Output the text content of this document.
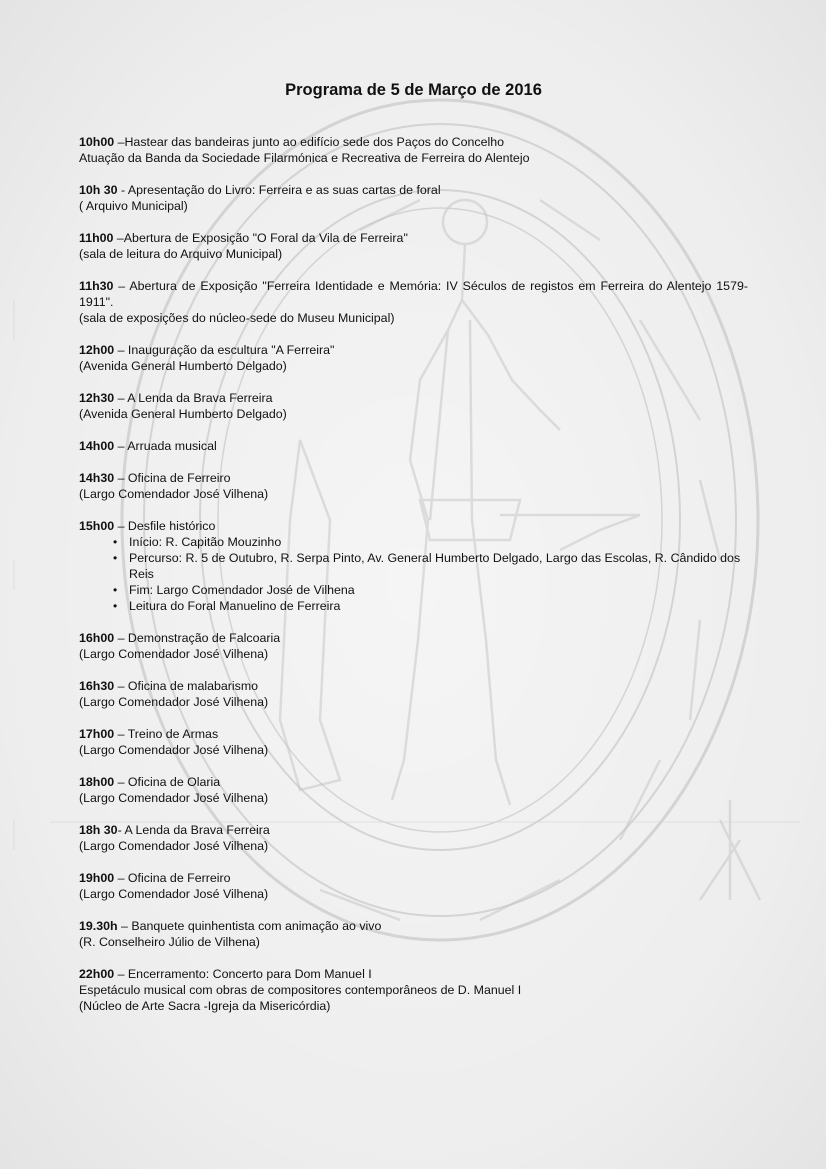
Programa de 5 de Março de 2016
10h00 –Hastear das bandeiras junto ao edifício sede dos Paços do Concelho
Atuação da Banda da Sociedade Filarmónica e Recreativa de Ferreira do Alentejo
10h 30 - Apresentação do Livro: Ferreira e as suas cartas de foral
( Arquivo Municipal)
11h00 –Abertura de Exposição "O Foral da Vila de Ferreira"
(sala de leitura do Arquivo Municipal)
11h30 – Abertura de Exposição "Ferreira Identidade e Memória: IV Séculos de registos em Ferreira do Alentejo 1579-1911".
(sala de exposições do núcleo-sede do Museu Municipal)
12h00 – Inauguração da escultura "A Ferreira"
(Avenida General Humberto Delgado)
12h30 – A Lenda da Brava Ferreira
(Avenida General Humberto Delgado)
14h00 – Arruada musical
14h30 – Oficina de Ferreiro
(Largo Comendador José Vilhena)
15h00 – Desfile histórico
• Início: R. Capitão Mouzinho
• Percurso: R. 5 de Outubro, R. Serpa Pinto, Av. General Humberto Delgado, Largo das Escolas, R. Cândido dos Reis
• Fim: Largo Comendador José de Vilhena
• Leitura do Foral Manuelino de Ferreira
16h00 – Demonstração de Falcoaria
(Largo Comendador José Vilhena)
16h30 – Oficina de malabarismo
(Largo Comendador José Vilhena)
17h00 – Treino de Armas
(Largo Comendador José Vilhena)
18h00 – Oficina de Olaria
(Largo Comendador José Vilhena)
18h 30- A Lenda da Brava Ferreira
(Largo Comendador José Vilhena)
19h00 – Oficina de Ferreiro
(Largo Comendador José Vilhena)
19.30h – Banquete quinhentista com animação ao vivo
(R. Conselheiro Júlio de Vilhena)
22h00 – Encerramento: Concerto para Dom Manuel I
Espetáculo musical com obras de compositores contemporâneos de D. Manuel I
(Núcleo de Arte Sacra -Igreja da Misericórdia)
